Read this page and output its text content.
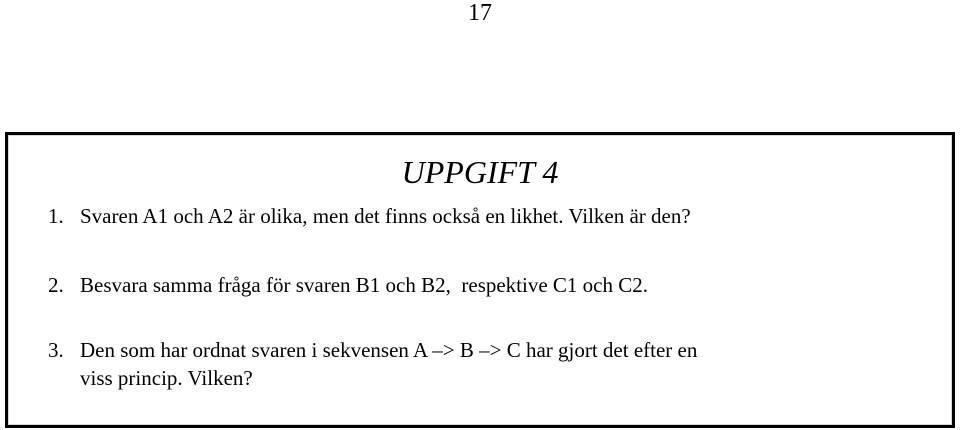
17
UPPGIFT 4
1. Svaren A1 och A2 är olika, men det finns också en likhet. Vilken är den?
2. Besvara samma fråga för svaren B1 och B2,  respektive C1 och C2.
3. Den som har ordnat svaren i sekvensen A –> B –> C har gjort det efter en
viss princip. Vilken?
